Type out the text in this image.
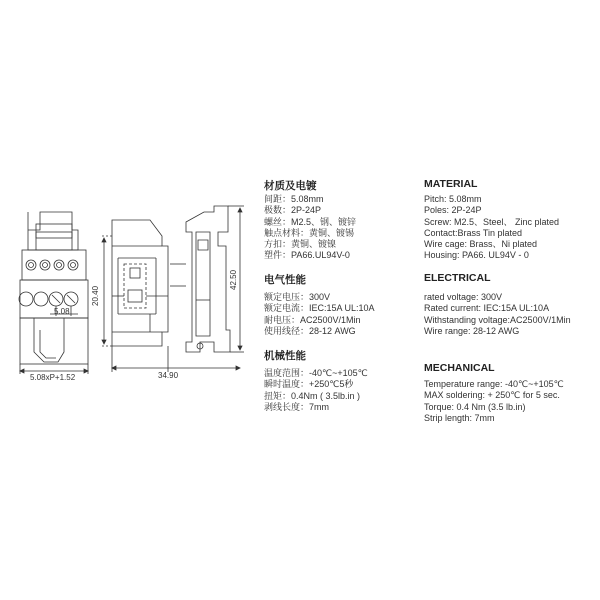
5.08xP+1.52
5.08
34.90
20.40
42.50
材质及电镀
间距：5.08mm
极数：2P-24P
螺丝：M2.5、钢、镀锌
触点材料：黄铜、镀锡
方扣：黄铜、镀镍
塑件：PA66.UL94V-0
电气性能
额定电压：300V
额定电流：IEC:15A UL:10A
耐电压：AC2500V/1Min
使用线径：28-12 AWG
机械性能
温度范围：-40℃~+105℃
瞬时温度：+250℃5秒
扭矩：0.4Nm ( 3.5lb.in )
剥线长度：7mm
MATERIAL
Pitch: 5.08mm
Poles: 2P-24P
Screw: M2.5、Steel、 Zinc plated
Contact:Brass Tin plated
Wire cage: Brass、Ni plated
Housing: PA66. UL94V - 0
ELECTRICAL
rated voltage: 300V
Rated current: IEC:15A UL:10A
Withstanding voltage:AC2500V/1Min
Wire range: 28-12 AWG
MECHANICAL
Temperature range: -40℃~+105℃
MAX soldering: + 250℃ for 5 sec.
Torque: 0.4 Nm (3.5 lb.in)
Strip length: 7mm
